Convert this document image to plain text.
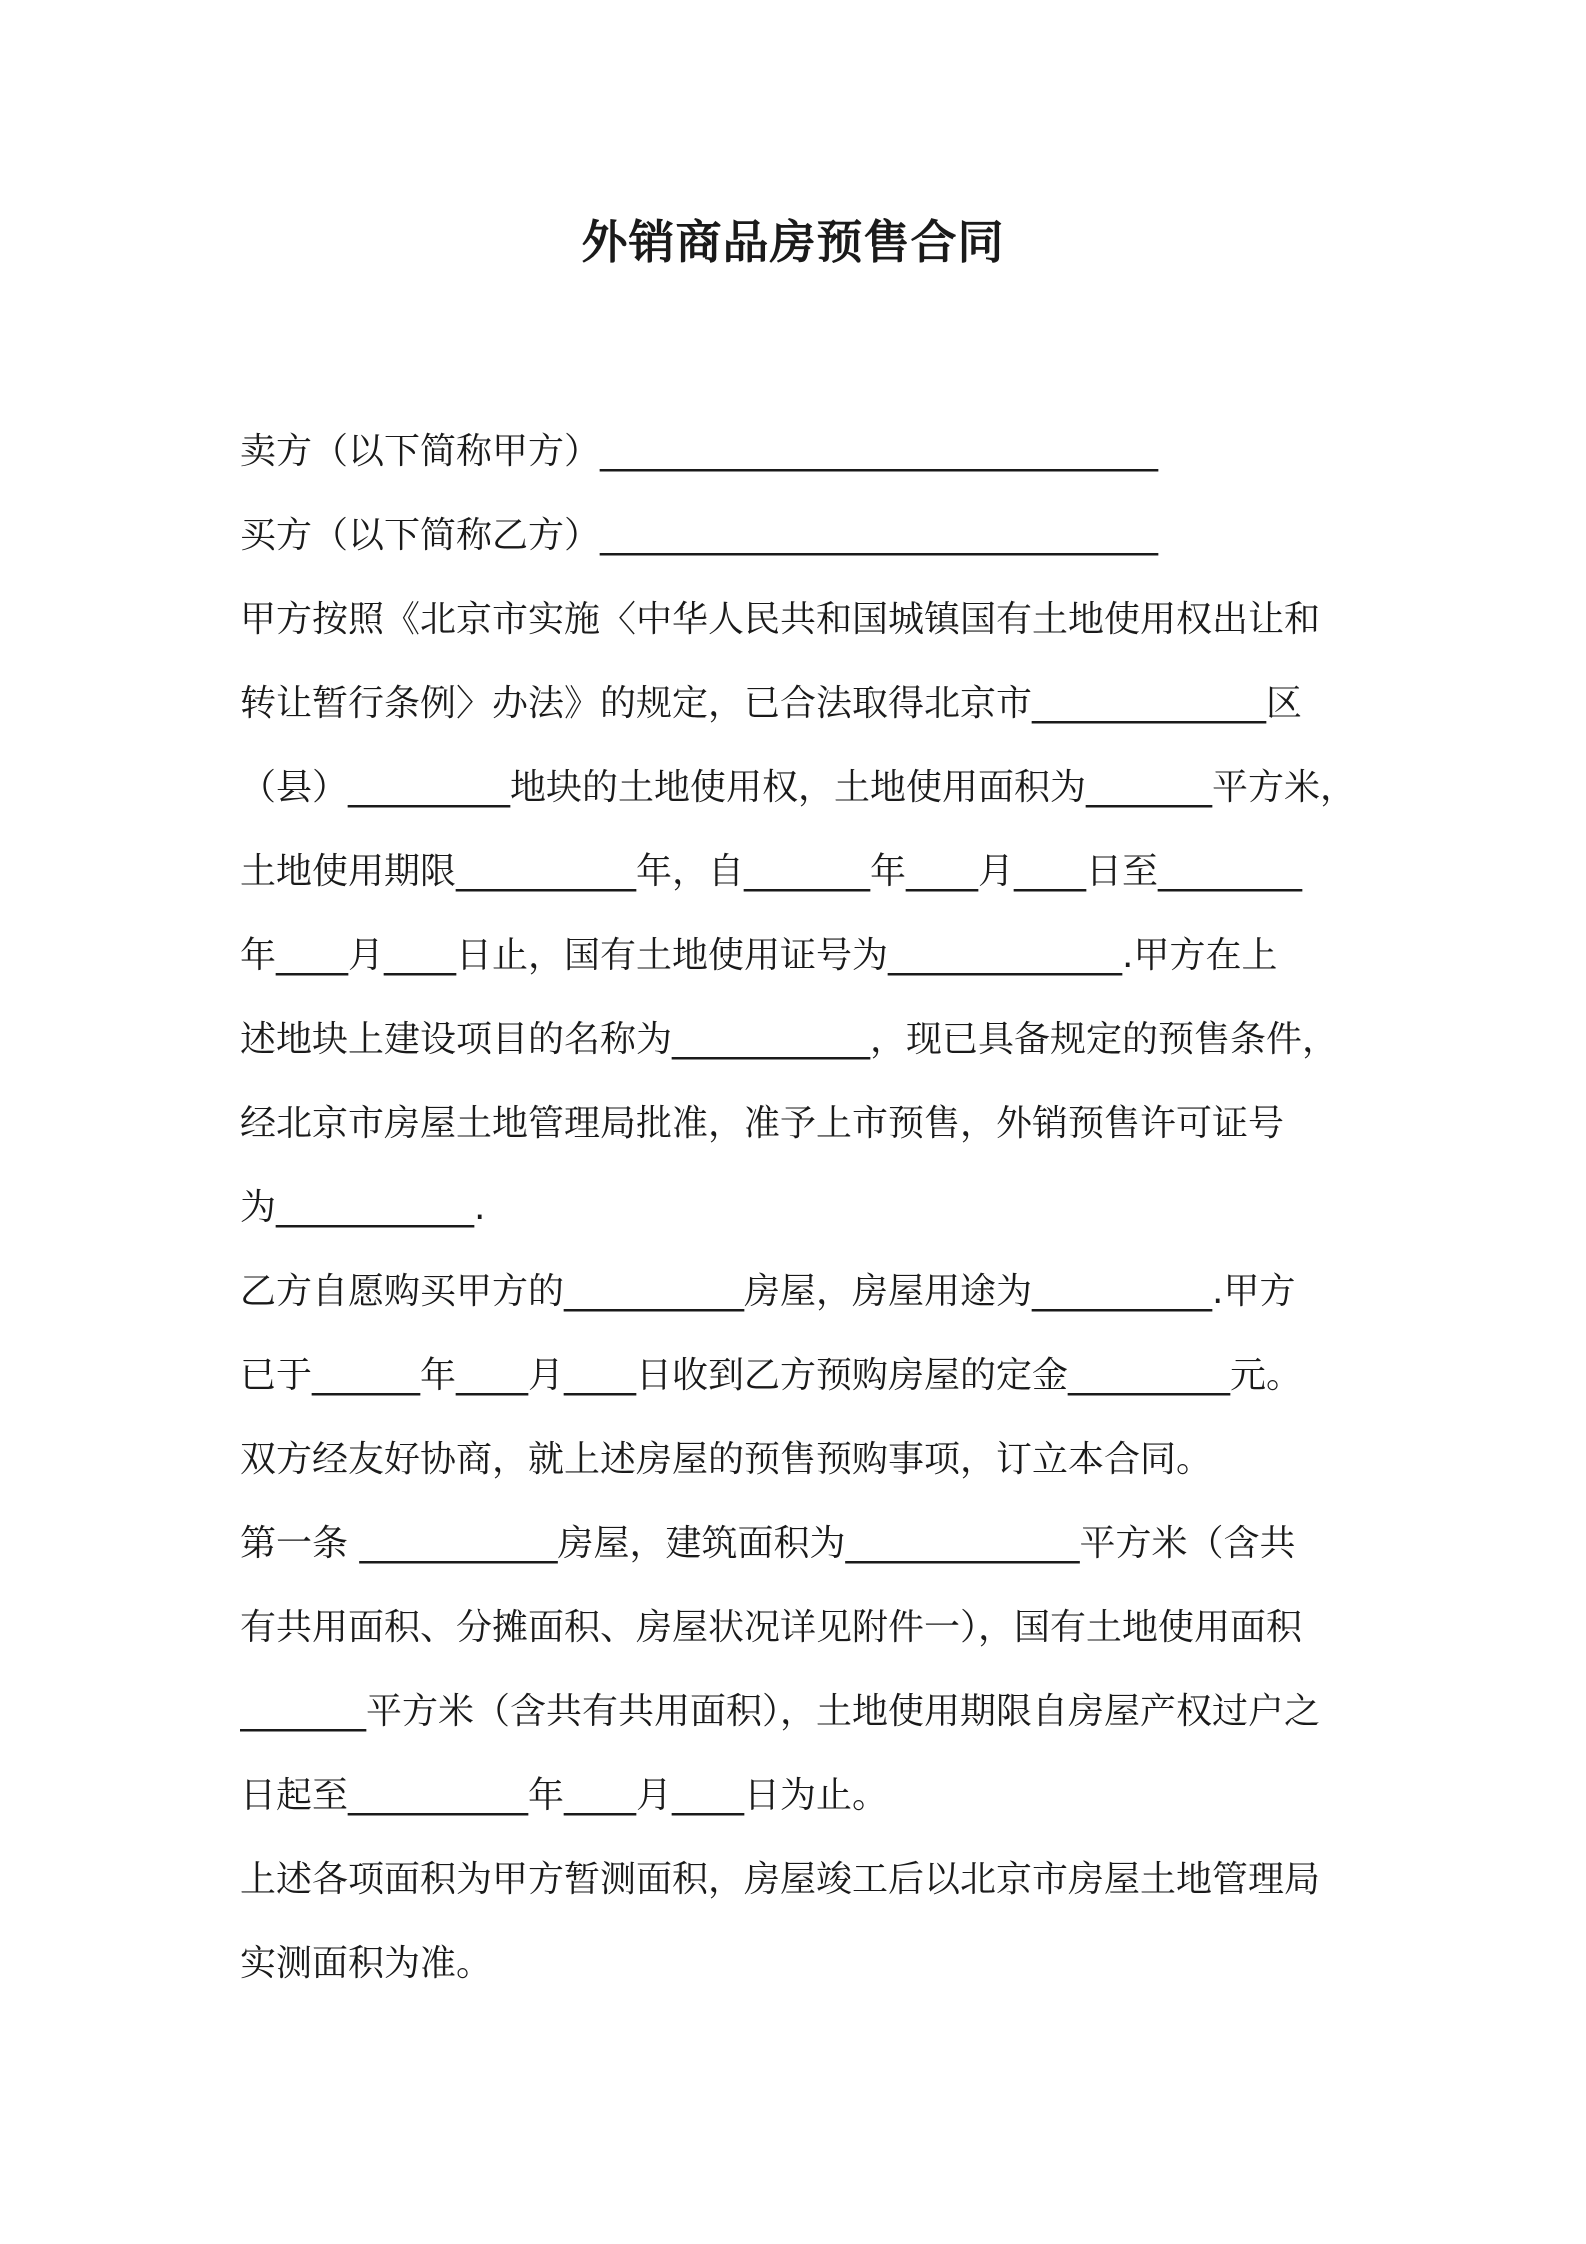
外销商品房预售合同
卖方（以下简称甲方）_______________________________
买方（以下简称乙方）_______________________________
甲方按照《北京市实施〈中华人民共和国城镇国有土地使用权出让和
转让暂行条例〉办法》的规定，已合法取得北京市_____________区
（县）_________地块的土地使用权，土地使用面积为_______平方米，
土地使用期限__________年，自_______年____月____日至________
年____月____日止，国有土地使用证号为_____________.甲方在上
述地块上建设项目的名称为___________，现已具备规定的预售条件，
经北京市房屋土地管理局批准，准予上市预售，外销预售许可证号
为___________.
乙方自愿购买甲方的__________房屋，房屋用途为__________.甲方
已于______年____月____日收到乙方预购房屋的定金_________元。
双方经友好协商，就上述房屋的预售预购事项，订立本合同。
第一条 ___________房屋，建筑面积为_____________平方米（含共
有共用面积、分摊面积、房屋状况详见附件一），国有土地使用面积
_______平方米（含共有共用面积），土地使用期限自房屋产权过户之
日起至__________年____月____日为止。
上述各项面积为甲方暂测面积，房屋竣工后以北京市房屋土地管理局
实测面积为准。
